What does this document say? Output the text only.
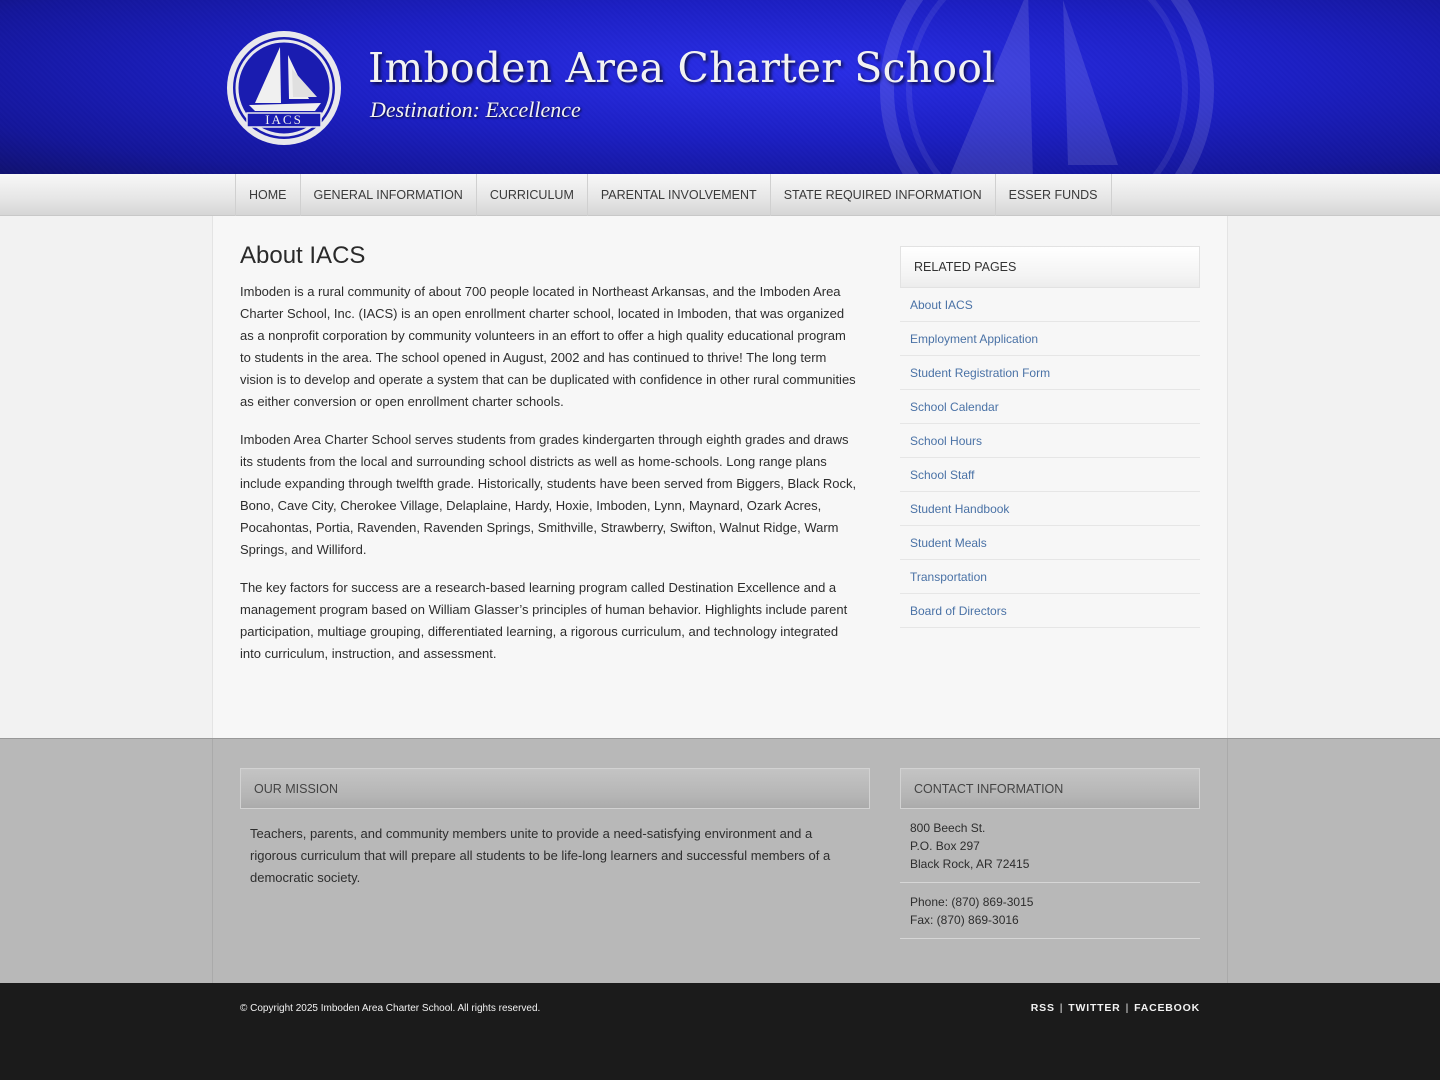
IACS
Imboden Area Charter School
Destination: Excellence
HOME	GENERAL INFORMATION	CURRICULUM	PARENTAL INVOLVEMENT	STATE REQUIRED INFORMATION	ESSER FUNDS
About IACS

Imboden is a rural community of about 700 people located in Northeast Arkansas, and the Imboden Area Charter School, Inc. (IACS) is an open enrollment charter school, located in Imboden, that was organized as a nonprofit corporation by community volunteers in an effort to offer a high quality educational program to students in the area. The school opened in August, 2002 and has continued to thrive! The long term vision is to develop and operate a system that can be duplicated with confidence in other rural communities as either conversion or open enrollment charter schools.

Imboden Area Charter School serves students from grades kindergarten through eighth grades and draws its students from the local and surrounding school districts as well as home-schools. Long range plans include expanding through twelfth grade. Historically, students have been served from Biggers, Black Rock, Bono, Cave City, Cherokee Village, Delaplaine, Hardy, Hoxie, Imboden, Lynn, Maynard, Ozark Acres, Pocahontas, Portia, Ravenden, Ravenden Springs, Smithville, Strawberry, Swifton, Walnut Ridge, Warm Springs, and Williford.

The key factors for success are a research-based learning program called Destination Excellence and a management program based on William Glasser’s principles of human behavior. Highlights include parent participation, multiage grouping, differentiated learning, a rigorous curriculum, and technology integrated into curriculum, instruction, and assessment.

RELATED PAGES
About IACS
Employment Application
Student Registration Form
School Calendar
School Hours
School Staff
Student Handbook
Student Meals
Transportation
Board of Directors
OUR MISSION

Teachers, parents, and community members unite to provide a need-satisfying environment and a rigorous curriculum that will prepare all students to be life-long learners and successful members of a democratic society.

CONTACT INFORMATION
800 Beech St.
P.O. Box 297
Black Rock, AR 72415
Phone: (870) 869-3015
Fax: (870) 869-3016
© Copyright 2025 Imboden Area Charter School. All rights reserved.	RSS | TWITTER | FACEBOOK
